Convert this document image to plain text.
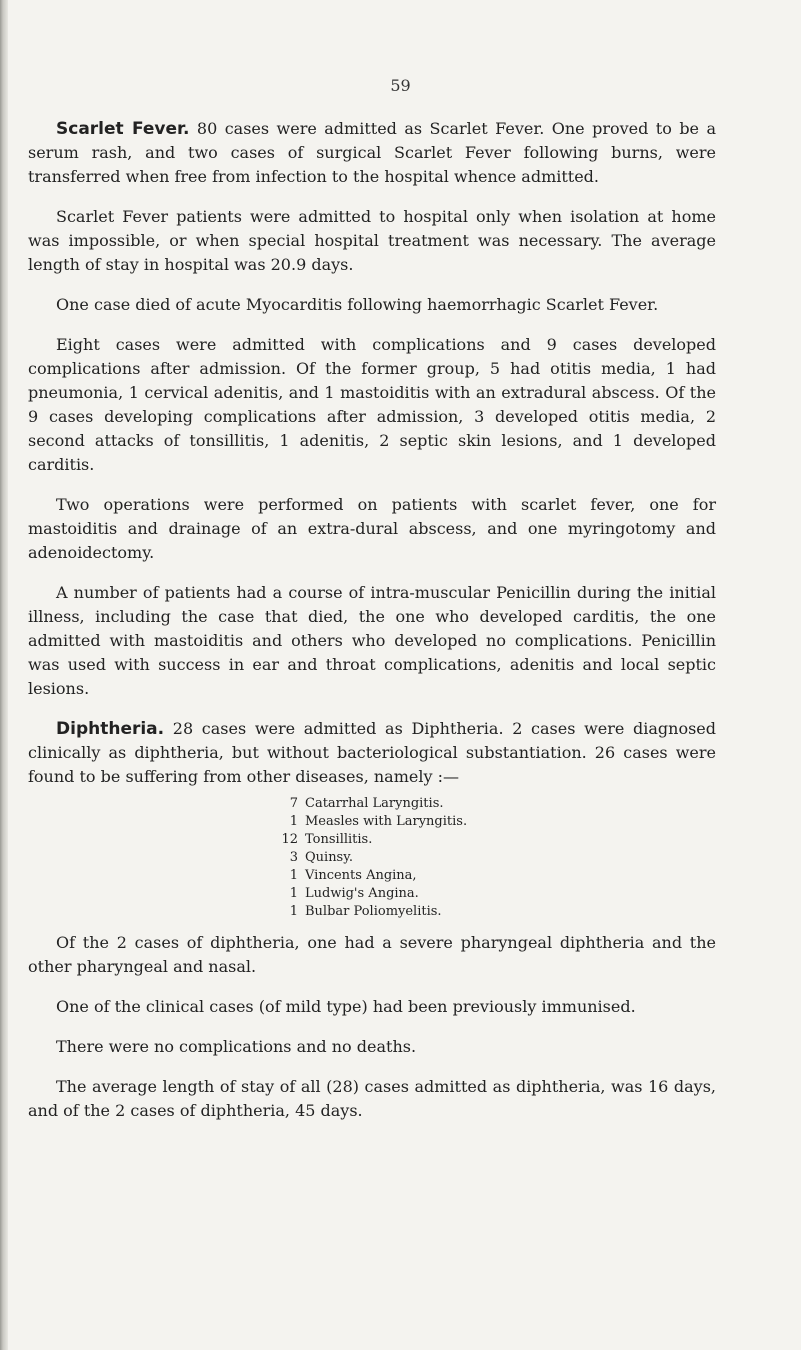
59

Scarlet Fever. 80 cases were admitted as Scarlet Fever. One proved to be a serum rash, and two cases of surgical Scarlet Fever following burns, were transferred when free from infection to the hospital whence admitted.

Scarlet Fever patients were admitted to hospital only when isolation at home was impossible, or when special hospital treatment was necessary. The average length of stay in hospital was 20.9 days.

One case died of acute Myocarditis following haemorrhagic Scarlet Fever.

Eight cases were admitted with complications and 9 cases developed complications after admission. Of the former group, 5 had otitis media, 1 had pneumonia, 1 cervical adenitis, and 1 mastoiditis with an extradural abscess. Of the 9 cases developing complications after admission, 3 developed otitis media, 2 second attacks of tonsillitis, 1 adenitis, 2 septic skin lesions, and 1 developed carditis.

Two operations were performed on patients with scarlet fever, one for mastoiditis and drainage of an extra-dural abscess, and one myringotomy and adenoidectomy.

A number of patients had a course of intra-muscular Penicillin during the initial illness, including the case that died, the one who developed carditis, the one admitted with mastoiditis and others who developed no complications. Penicillin was used with success in ear and throat complications, adenitis and local septic lesions.

Diphtheria. 28 cases were admitted as Diphtheria. 2 cases were diagnosed clinically as diphtheria, but without bacteriological substantiation. 26 cases were found to be suffering from other diseases, namely :—

7 Catarrhal Laryngitis.
1 Measles with Laryngitis.
12 Tonsillitis.
3 Quinsy.
1 Vincents Angina,
1 Ludwig's Angina.
1 Bulbar Poliomyelitis.

Of the 2 cases of diphtheria, one had a severe pharyngeal diphtheria and the other pharyngeal and nasal.

One of the clinical cases (of mild type) had been previously immunised.

There were no complications and no deaths.

The average length of stay of all (28) cases admitted as diphtheria, was 16 days, and of the 2 cases of diphtheria, 45 days.
